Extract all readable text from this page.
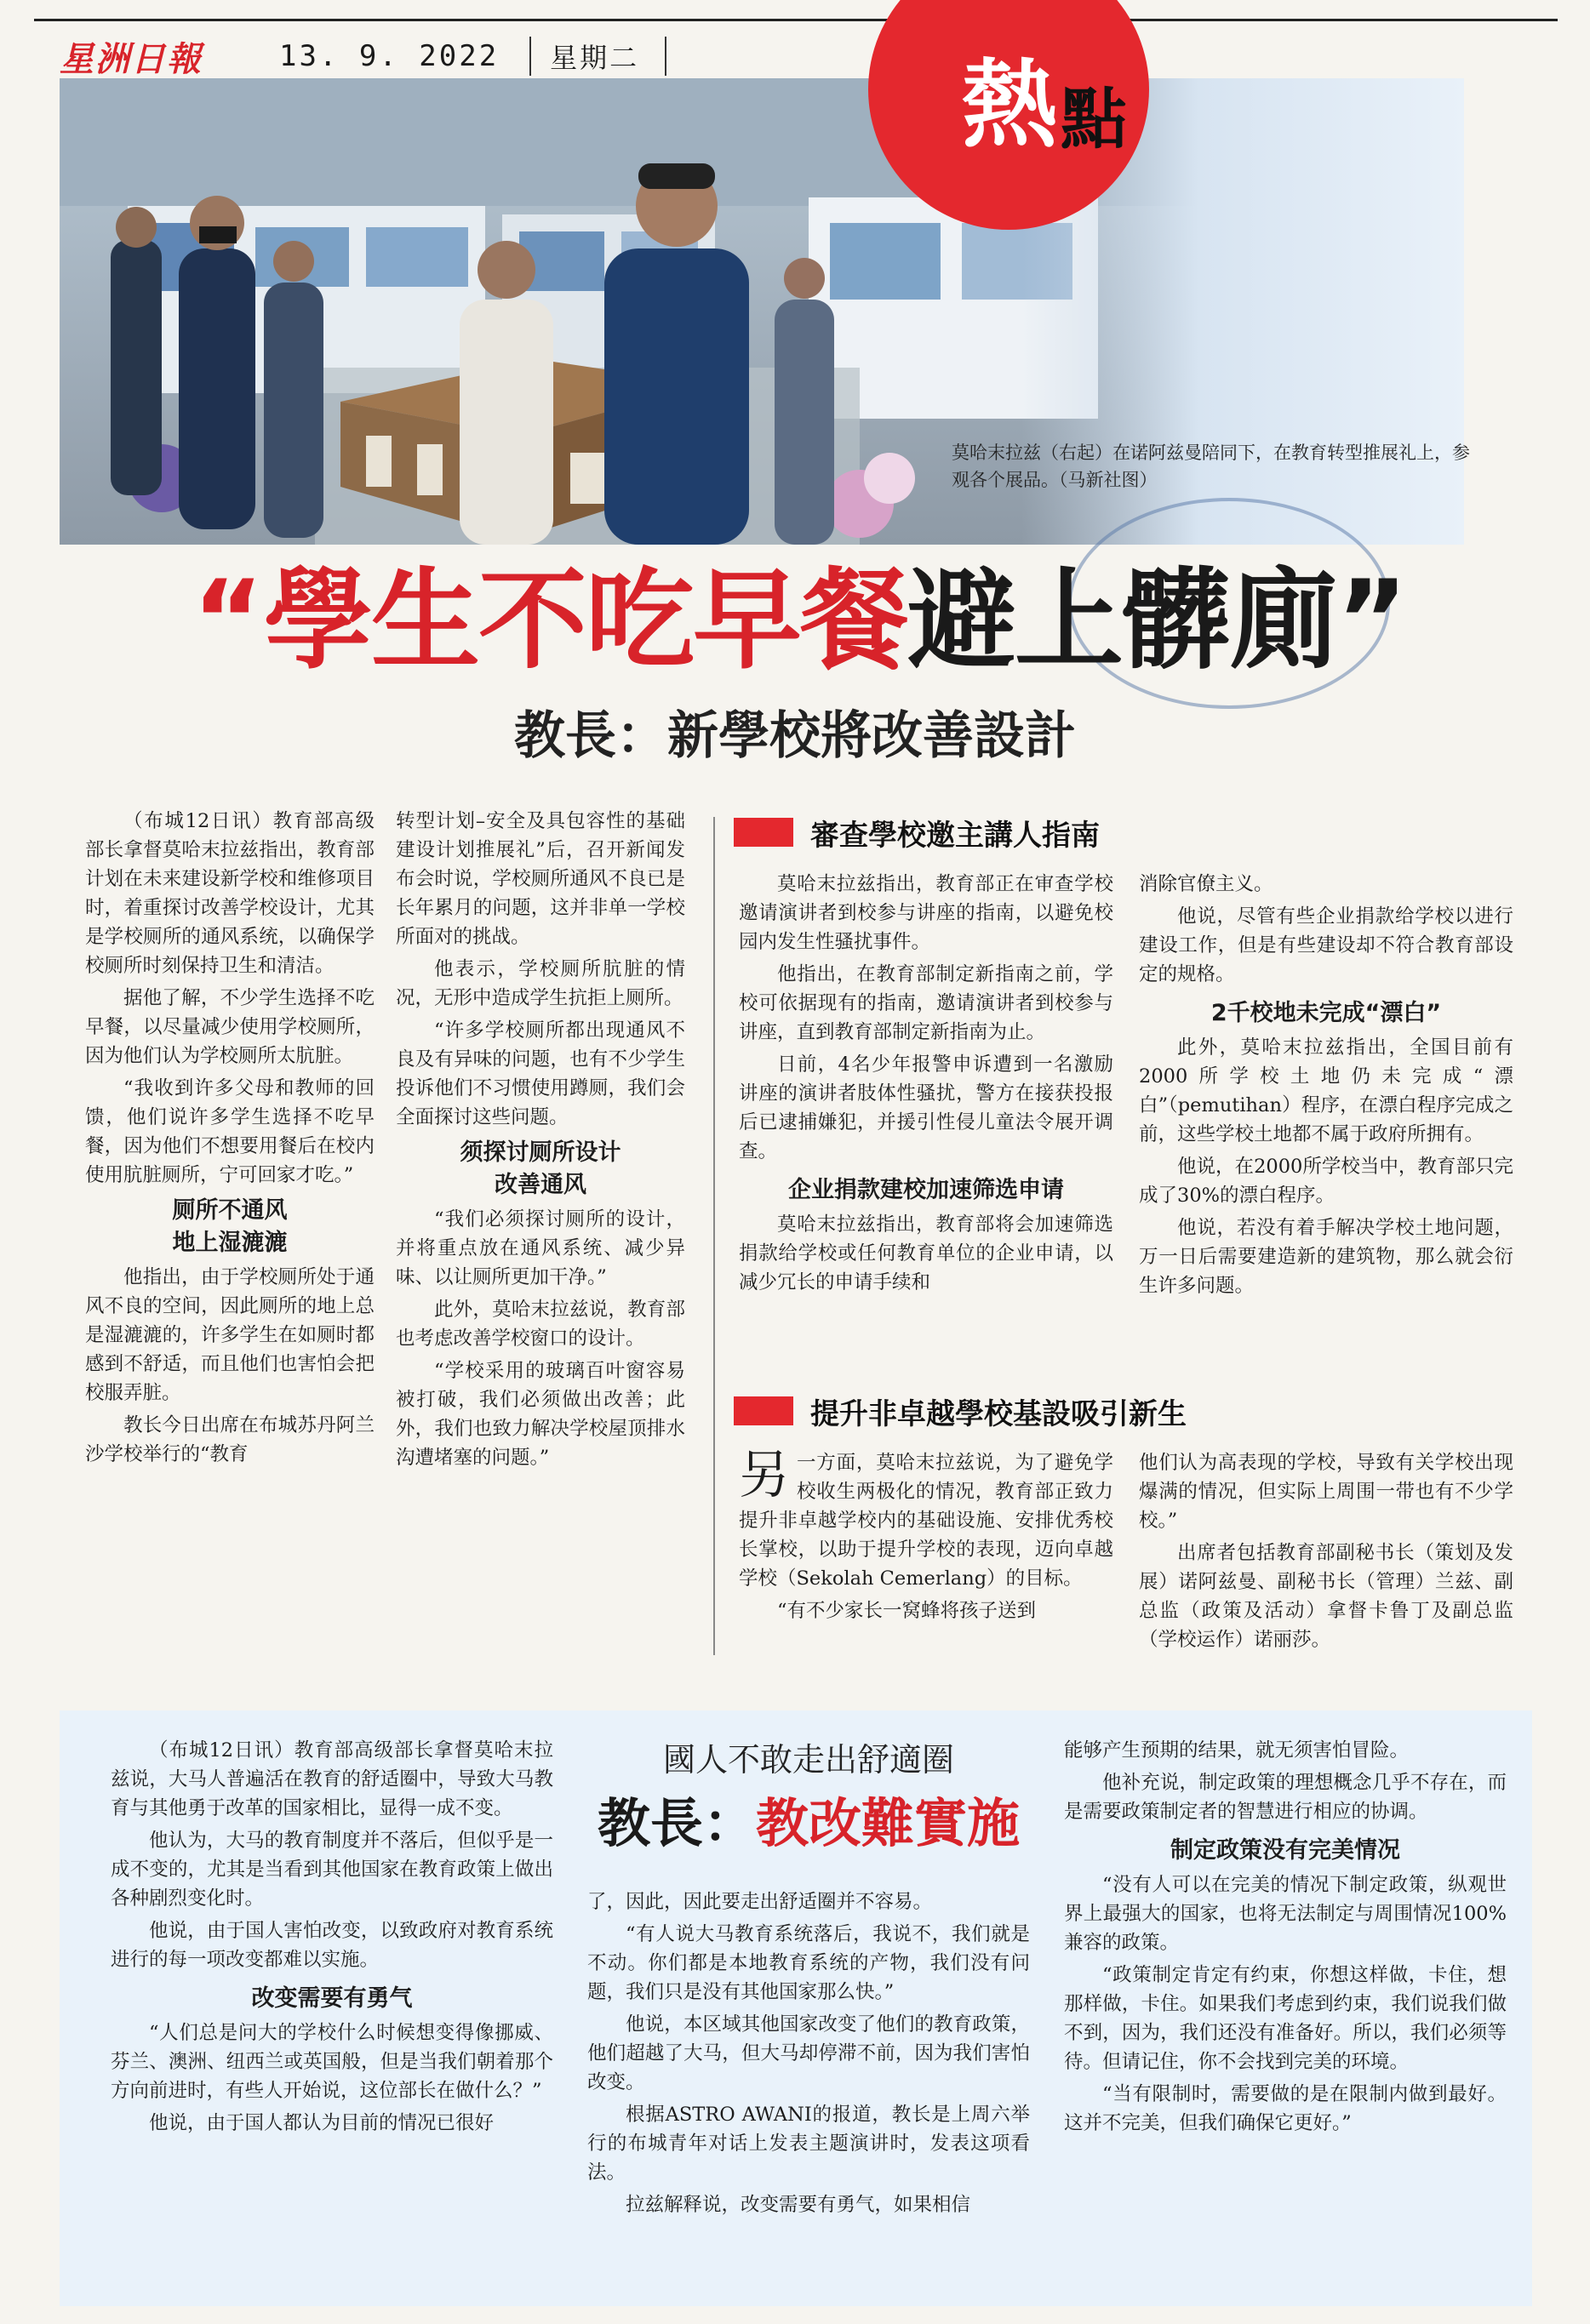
星洲日報	13. 9. 2022 星期二	熱 點
莫哈末拉兹（右起）在诺阿兹曼陪同下，在教育转型推展礼上，参观各个展品。（马新社图）
“ 學生不吃早餐 避上髒廁 ”
教長：新學校將改善設計

（布城12日讯）教育部高级部长拿督莫哈末拉兹指出，教育部计划在未来建设新学校和维修项目时，着重探讨改善学校设计，尤其是学校厕所的通风系统，以确保学校厕所时刻保持卫生和清洁。

据他了解，不少学生选择不吃早餐，以尽量减少使用学校厕所，因为他们认为学校厕所太肮脏。

“我收到许多父母和教师的回馈，他们说许多学生选择不吃早餐，因为他们不想要用餐后在校内使用肮脏厕所，宁可回家才吃。”

厕所不通风
地上湿漉漉

他指出，由于学校厕所处于通风不良的空间，因此厕所的地上总是湿漉漉的，许多学生在如厕时都感到不舒适，而且他们也害怕会把校服弄脏。

教长今日出席在布城苏丹阿兰沙学校举行的“教育

转型计划–安全及具包容性的基础建设计划推展礼”后，召开新闻发布会时说，学校厕所通风不良已是长年累月的问题，这并非单一学校所面对的挑战。

他表示，学校厕所肮脏的情况，无形中造成学生抗拒上厕所。

“许多学校厕所都出现通风不良及有异味的问题，也有不少学生投诉他们不习惯使用蹲厕，我们会全面探讨这些问题。

须探讨厕所设计
改善通风

“我们必须探讨厕所的设计，并将重点放在通风系统、减少异味、以让厕所更加干净。”

此外，莫哈末拉兹说，教育部也考虑改善学校窗口的设计。

“学校采用的玻璃百叶窗容易被打破，我们必须做出改善；此外，我们也致力解决学校屋顶排水沟遭堵塞的问题。”

審查學校邀主講人指南

莫哈末拉兹指出，教育部正在审查学校邀请演讲者到校参与讲座的指南，以避免校园内发生性骚扰事件。

他指出，在教育部制定新指南之前，学校可依据现有的指南，邀请演讲者到校参与讲座，直到教育部制定新指南为止。

日前，4名少年报警申诉遭到一名激励讲座的演讲者肢体性骚扰，警方在接获投报后已逮捕嫌犯，并援引性侵儿童法令展开调查。

企业捐款建校加速筛选申请

莫哈末拉兹指出，教育部将会加速筛选捐款给学校或任何教育单位的企业申请，以减少冗长的申请手续和

消除官僚主义。

他说，尽管有些企业捐款给学校以进行建设工作，但是有些建设却不符合教育部设定的规格。

2千校地未完成“漂白”

此外，莫哈末拉兹指出，全国目前有2000所学校土地仍未完成“漂白”（pemutihan）程序，在漂白程序完成之前，这些学校土地都不属于政府所拥有。

他说，在2000所学校当中，教育部只完成了30%的漂白程序。

他说，若没有着手解决学校土地问题，万一日后需要建造新的建筑物，那么就会衍生许多问题。

提升非卓越學校基設吸引新生

另一方面，莫哈末拉兹说，为了避免学校收生两极化的情况，教育部正致力提升非卓越学校内的基础设施、安排优秀校长掌校，以助于提升学校的表现，迈向卓越学校（Sekolah Cemerlang）的目标。

“有不少家长一窝蜂将孩子送到

他们认为高表现的学校，导致有关学校出现爆满的情况，但实际上周围一带也有不少学校。”

出席者包括教育部副秘书长（策划及发展）诺阿兹曼、副秘书长（管理）兰兹、副总监（政策及活动）拿督卡鲁丁及副总监（学校运作）诺丽莎。

（布城12日讯）教育部高级部长拿督莫哈末拉兹说，大马人普遍活在教育的舒适圈中，导致大马教育与其他勇于改革的国家相比，显得一成不变。

他认为，大马的教育制度并不落后，但似乎是一成不变的，尤其是当看到其他国家在教育政策上做出各种剧烈变化时。

他说，由于国人害怕改变，以致政府对教育系统进行的每一项改变都难以实施。

改变需要有勇气

“人们总是问大的学校什么时候想变得像挪威、芬兰、澳洲、纽西兰或英国般，但是当我们朝着那个方向前进时，有些人开始说，这位部长在做什么？”

他说，由于国人都认为目前的情况已很好

國人不敢走出舒適圈
教長：教改難實施

了，因此，因此要走出舒适圈并不容易。

“有人说大马教育系统落后，我说不，我们就是不动。你们都是本地教育系统的产物，我们没有问题，我们只是没有其他国家那么快。”

他说，本区域其他国家改变了他们的教育政策，他们超越了大马，但大马却停滞不前，因为我们害怕改变。

根据ASTRO AWANI的报道，教长是上周六举行的布城青年对话上发表主题演讲时，发表这项看法。

拉兹解释说，改变需要有勇气，如果相信

能够产生预期的结果，就无须害怕冒险。

他补充说，制定政策的理想概念几乎不存在，而是需要政策制定者的智慧进行相应的协调。

制定政策没有完美情况

“没有人可以在完美的情况下制定政策，纵观世界上最强大的国家，也将无法制定与周围情况100%兼容的政策。

“政策制定肯定有约束，你想这样做，卡住，想那样做，卡住。如果我们考虑到约束，我们说我们做不到，因为，我们还没有准备好。所以，我们必须等待。但请记住，你不会找到完美的环境。

“当有限制时，需要做的是在限制内做到最好。这并不完美，但我们确保它更好。”
